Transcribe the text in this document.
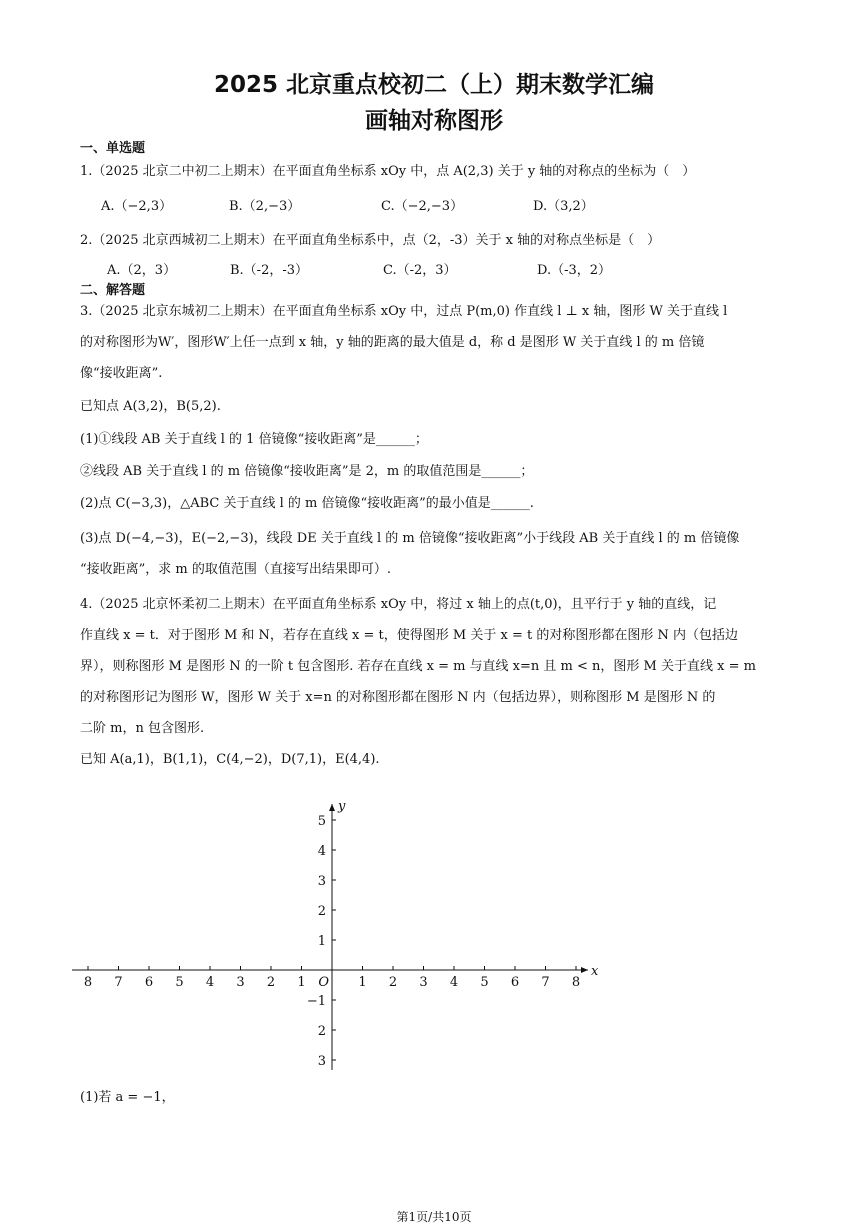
2025 北京重点校初二（上）期末数学汇编
画轴对称图形
一、单选题
1.（2025 北京二中初二上期末）在平面直角坐标系 xOy 中，点 A(2,3) 关于 y 轴的对称点的坐标为（　）
A.（−2,3）	B.（2,−3）	C.（−2,−3）	D.（3,2）
2.（2025 北京西城初二上期末）在平面直角坐标系中，点（2，-3）关于 x 轴的对称点坐标是（　）
A.（2，3）	B.（-2，-3）	C.（-2，3）	D.（-3，2）
二、解答题
3.（2025 北京东城初二上期末）在平面直角坐标系 xOy 中，过点 P(m,0) 作直线 l ⊥ x 轴，图形 W 关于直线 l
的对称图形为W′，图形W′上任一点到 x 轴，y 轴的距离的最大值是 d，称 d 是图形 W 关于直线 l 的 m 倍镜
像“接收距离”.
已知点 A(3,2)，B(5,2).
(1)①线段 AB 关于直线 l 的 1 倍镜像“接收距离”是______；
②线段 AB 关于直线 l 的 m 倍镜像“接收距离”是 2，m 的取值范围是______；
(2)点 C(−3,3)，△ABC 关于直线 l 的 m 倍镜像“接收距离”的最小值是______.
(3)点 D(−4,−3)，E(−2,−3)，线段 DE 关于直线 l 的 m 倍镜像“接收距离”小于线段 AB 关于直线 l 的 m 倍镜像
“接收距离”，求 m 的取值范围（直接写出结果即可）.
4.（2025 北京怀柔初二上期末）在平面直角坐标系 xOy 中，将过 x 轴上的点(t,0)，且平行于 y 轴的直线，记
作直线 x = t．对于图形 M 和 N，若存在直线 x = t，使得图形 M 关于 x = t 的对称图形都在图形 N 内（包括边
界），则称图形 M 是图形 N 的一阶 t 包含图形. 若存在直线 x = m 与直线 x=n 且 m < n，图形 M 关于直线 x = m
的对称图形记为图形 W，图形 W 关于 x=n 的对称图形都在图形 N 内（包括边界），则称图形 M 是图形 N 的
二阶 m，n 包含图形.
已知 A(a,1)，B(1,1)，C(4,−2)，D(7,1)，E(4,4).
8 7 6 5 4 3 2 1	1 2 3 4 5 6 7 8
5
4
3
2
1
−1
2
3
O
x
y
(1)若 a = −1，
第1页/共10页
